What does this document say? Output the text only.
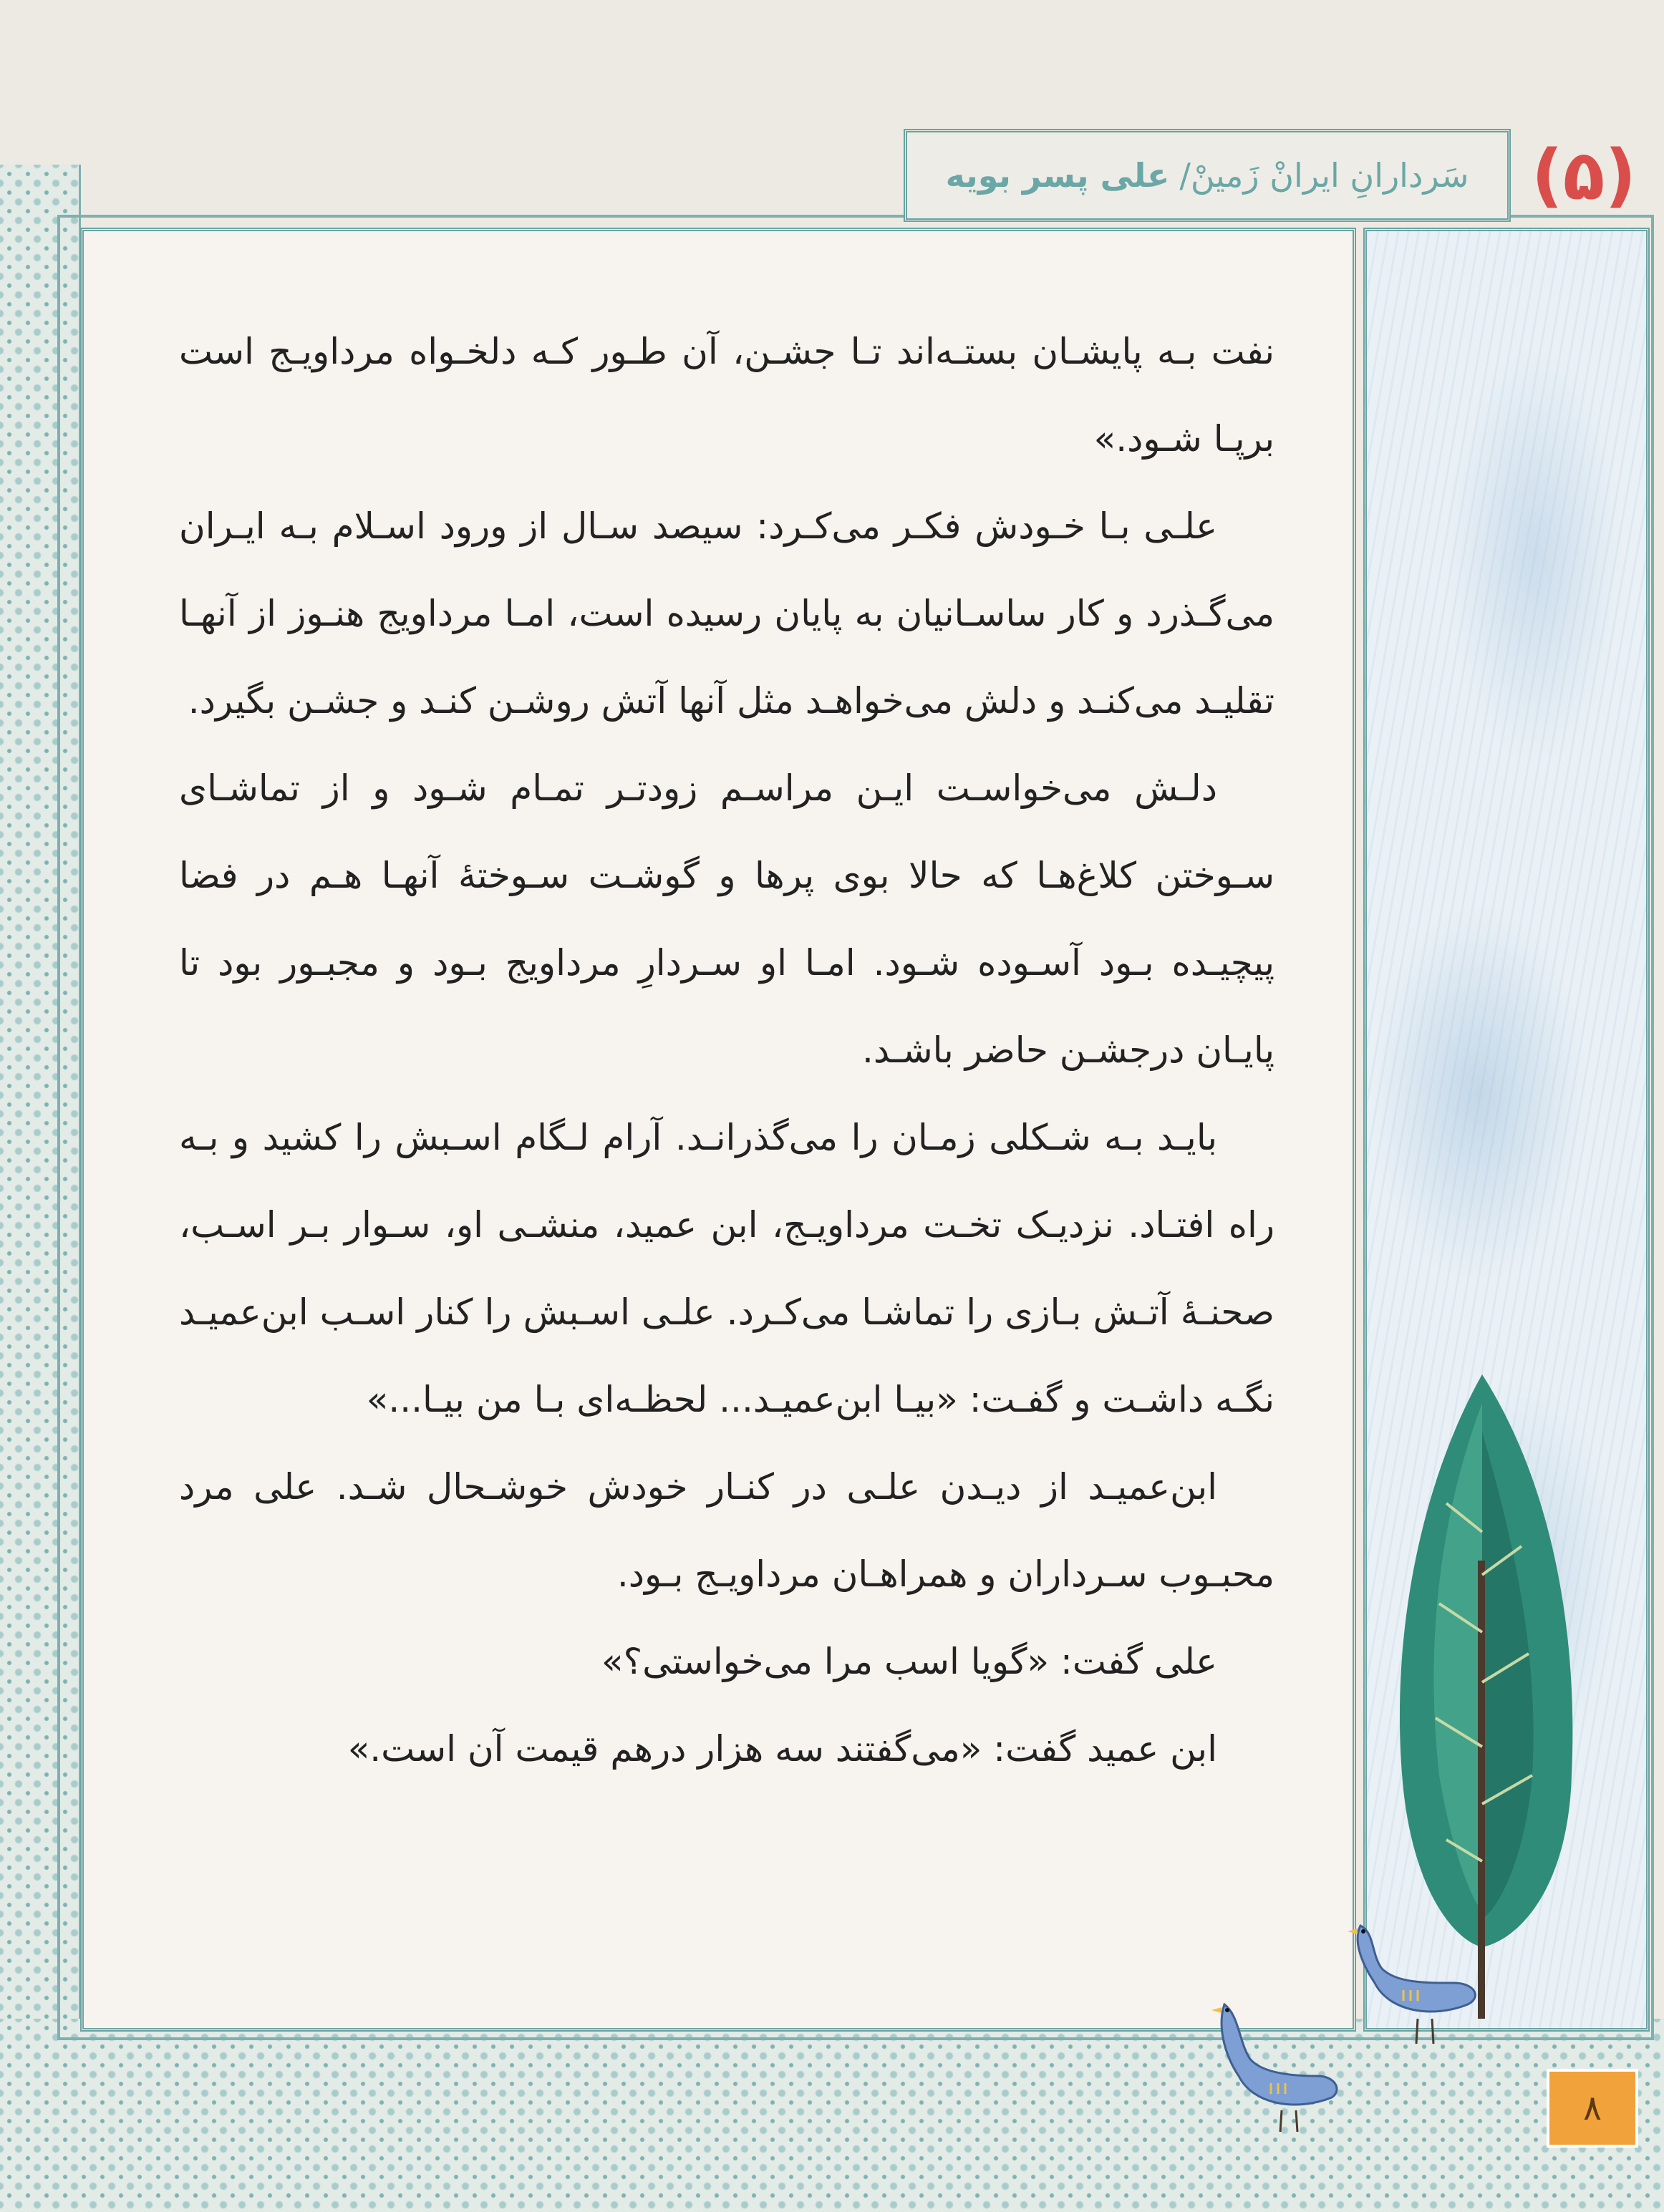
سَردارانِ ایرانْ زَمینْ/
علی پسر بویه	(۵)

نفت بـه پایشـان بستـه‌اند تـا جشـن، آن طـور کـه دلخـواه مرداویـج است برپـا شـود.»

علـی بـا خـودش فکـر می‌کـرد: سیصد سـال از ورود اسـلام بـه ایـران می‌گـذرد و کار ساسـانیان به پایان رسیده است، امـا مرداویج هنـوز از آنهـا تقلیـد می‌کنـد و دلش می‌خواهـد مثل آنها آتش روشـن کنـد و جشـن بگیرد.

دلـش می‌خواسـت ایـن مراسـم زودتـر تمـام شـود و از تماشـای سـوختن کلاغ‌هـا که حالا بوی پرها و گوشـت سـوختهٔ آنهـا هـم در فضا پیچیـده بـود آسـوده شـود. امـا او سـردارِ مرداویج بـود و مجبـور بود تا پایـان درجشـن حاضر باشـد.

بایـد بـه شـکلی زمـان را می‌گذرانـد. آرام لـگام اسـبش را کشید و بـه راه افتـاد. نزدیـک تخـت مرداویـج، ابن عمید، منشـی او، سـوار بـر اسـب، صحنـهٔ آتـش بـازی را تماشـا می‌کـرد. علـی اسـبش را کنار اسـب ابن‌عمیـد نگـه داشـت و گفـت: «بیـا ابن‌عمیـد... لحظـه‌ای بـا من بیـا...»

ابن‌عمیـد از دیـدن علـی در کنـار خودش خوشـحال شـد. علی مرد محبـوب سـرداران و همراهـان مرداویـج بـود.

علی گفت: «گویا اسب مرا می‌خواستی؟»

ابن عمید گفت: «می‌گفتند سه هزار درهم قیمت آن است.»

۸
